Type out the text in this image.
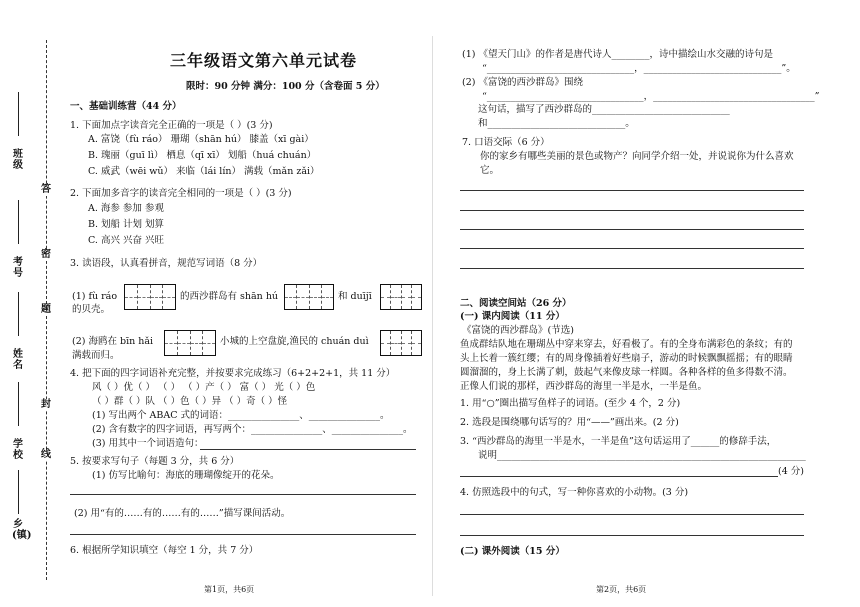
班级
考号
姓名
学校
乡(镇)
答
密
题
封
线
三年级语文第六单元试卷
限时：90 分钟 满分：100 分（含卷面 5 分）
一、基础训练营（44 分）
1. 下面加点字读音完全正确的一项是（ ）(3 分)
A. 富饶（fù ráo） 珊瑚（shān hú） 膝盖（xī gài）
B. 瑰丽（guī lì） 栖息（qī xī） 划船（huá chuán）
C. 威武（wēi wǔ） 来临（lái lín） 满载（mǎn zǎi）
2. 下面加多音字的读音完全相同的一项是（ ）(3 分)
A. 海参 参加 参观
B. 划船 计划 划算
C. 高兴 兴奋 兴旺
3. 读语段，认真看拼音，规范写词语（8 分）
(1) fù ráo	的西沙群岛有 shān hú	和 duījī
的贝壳。
(2) 海鸥在 bīn hǎi	小城的上空盘旋,渔民的 chuán duì
满载而归。
4. 把下面的四字词语补充完整，并按要求完成练习（6+2+2+1，共 11 分）
风（ ）优（ ） （ ） （ ）产（ ） 富（ ） 光（ ）色
（ ）群（ ）队 （ ）色（ ）异 （ ）奇（ ）怪
(1) 写出两个 ABAC 式的词语：_______________、_______________。
(2) 含有数字的四字词语，再写两个：_______________、_______________。
(3) 用其中一个词语造句：
5. 按要求写句子（每题 3 分，共 6 分）
(1) 仿写比喻句：海底的珊瑚像绽开的花朵。
(2) 用“有的……有的……有的……”描写课间活动。
6. 根据所学知识填空（每空 1 分，共 7 分）
第1页，共6页
(1) 《望天门山》的作者是唐代诗人________，诗中描绘山水交融的诗句是
“_______________________________，_____________________________”。
(2) 《富饶的西沙群岛》围绕
“_________________________________，__________________________________”
这句话，描写了西沙群岛的_____________________________
和_____________________________。
7. 口语交际（6 分）
你的家乡有哪些美丽的景色或物产？向同学介绍一处，并说说你为什么喜欢
它。
二、阅读空间站（26 分）
(一) 课内阅读（11 分）
《富饶的西沙群岛》(节选)
鱼成群结队地在珊瑚丛中穿来穿去，好看极了。有的全身布满彩色的条纹；有的
头上长着一簇红缨；有的周身像插着好些扇子，游动的时候飘飘摇摇；有的眼睛
圆溜溜的，身上长满了刺，鼓起气来像皮球一样圆。各种各样的鱼多得数不清。
正像人们说的那样，西沙群岛的海里一半是水，一半是鱼。
1. 用“○”圈出描写鱼样子的词语。(至少 4 个，2 分)
2. 选段是围绕哪句话写的？用“——”画出来。(2 分)
3. “西沙群岛的海里一半是水，一半是鱼”这句话运用了______的修辞手法，
说明_________________________________________________________________
(4 分)
4. 仿照选段中的句式，写一种你喜欢的小动物。(3 分)
(二) 课外阅读（15 分）
第2页，共6页
